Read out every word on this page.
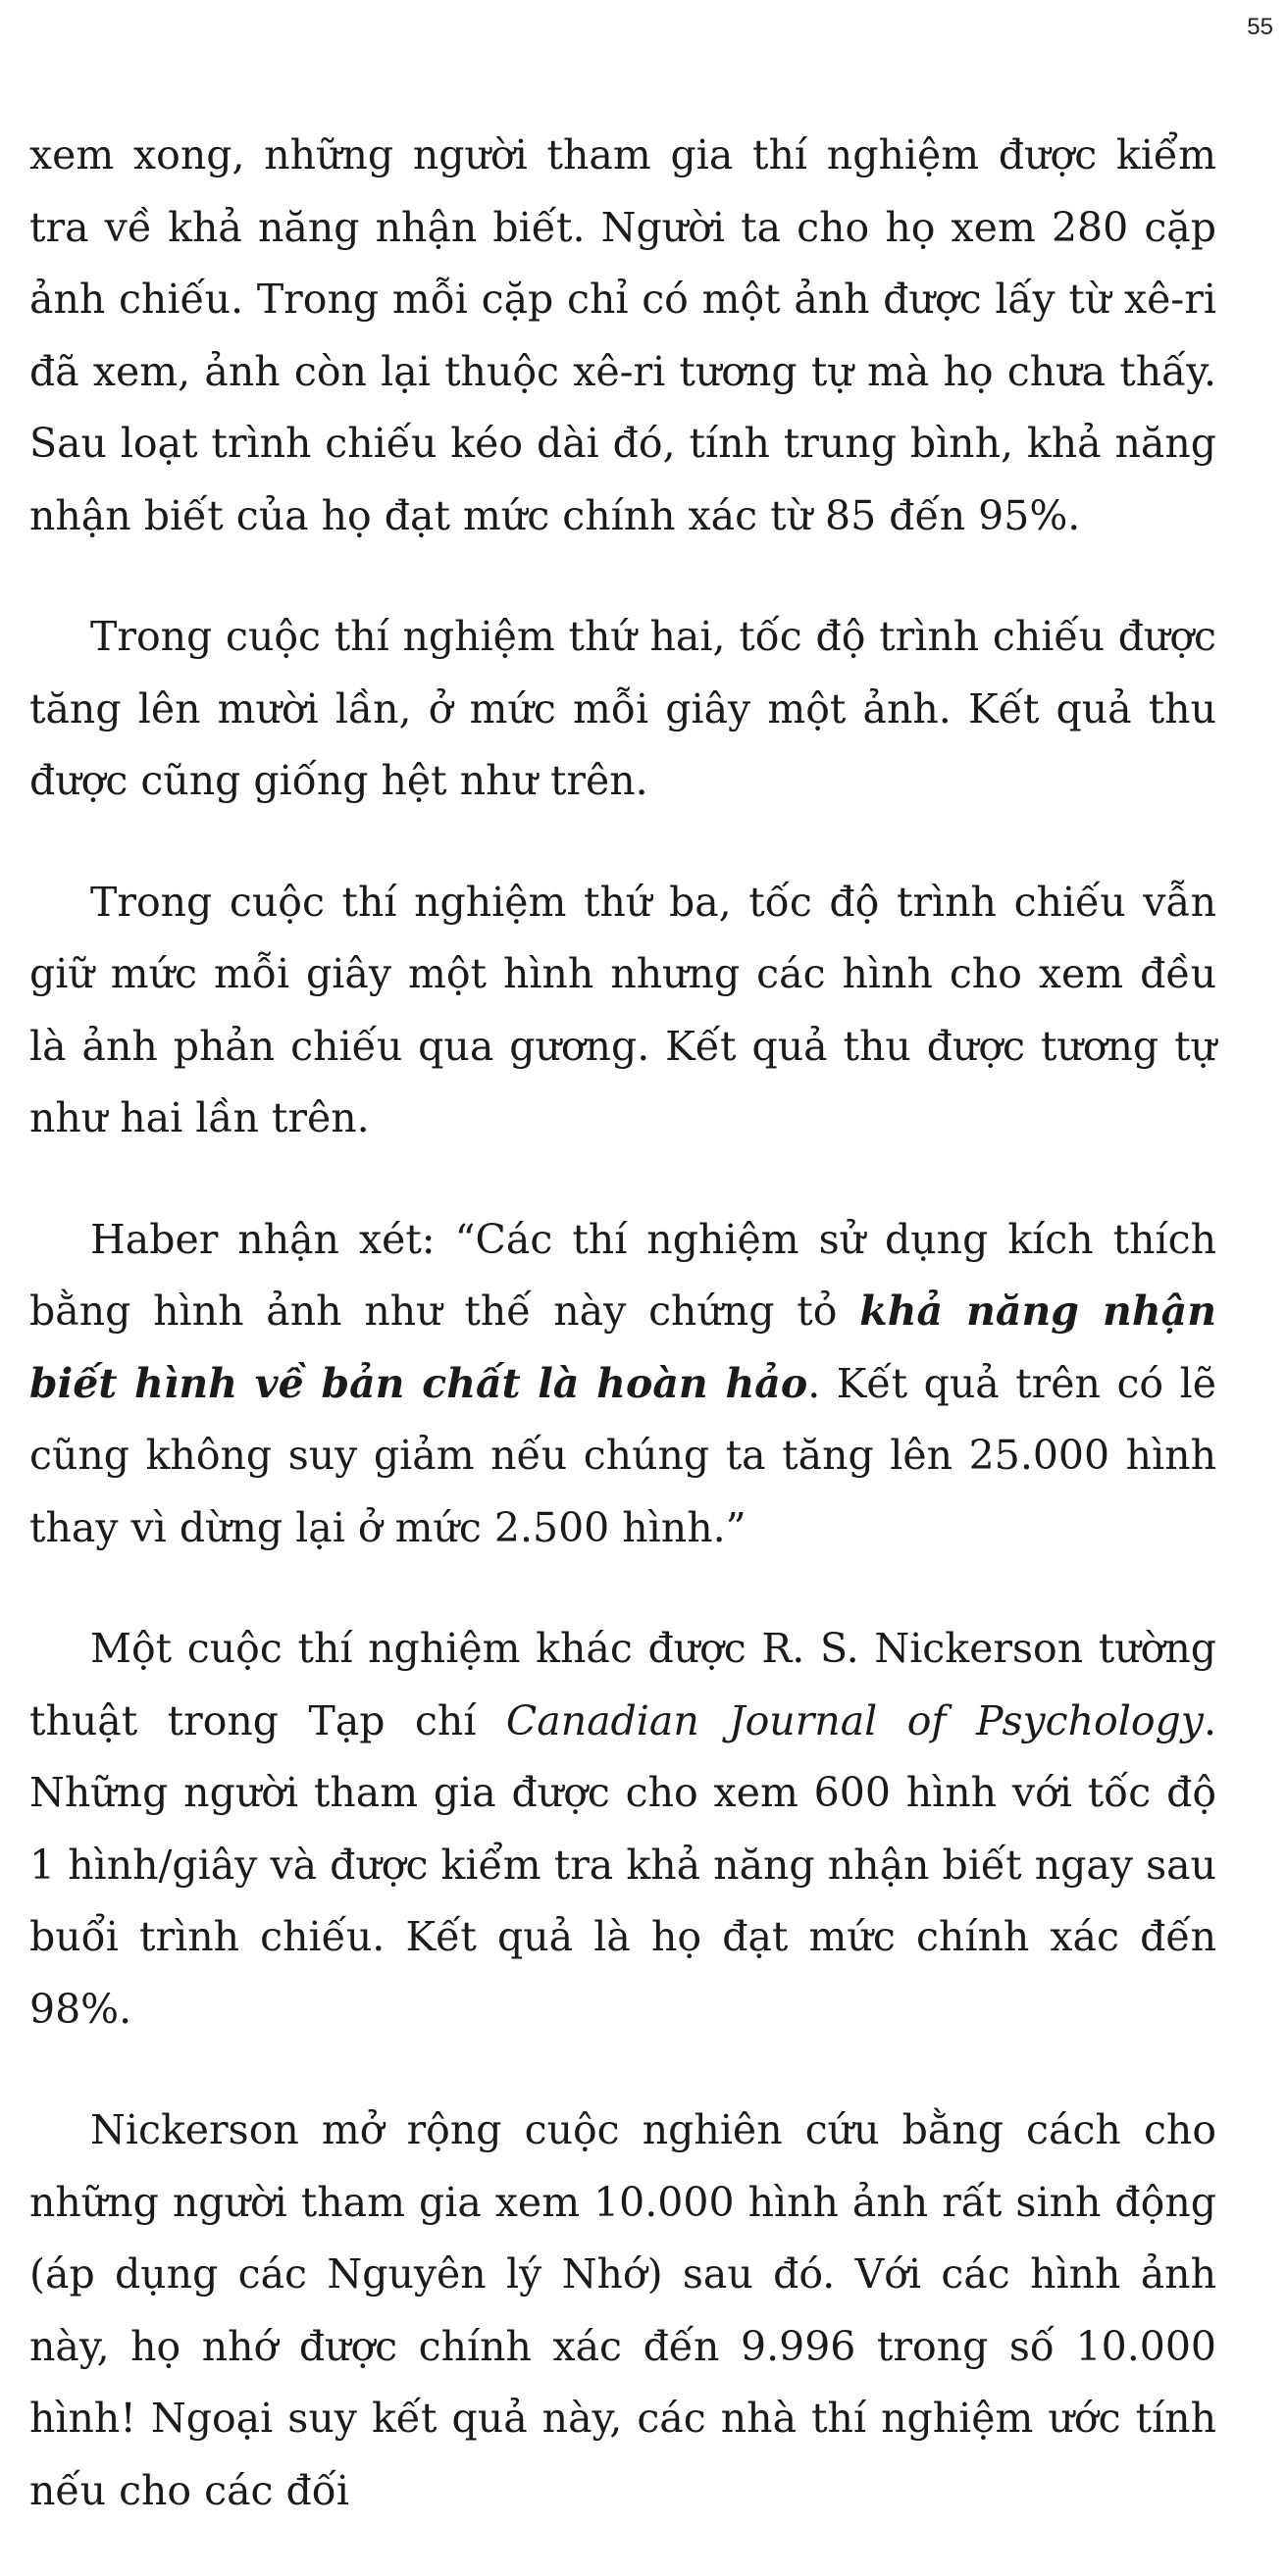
55

xem xong, những người tham gia thí nghiệm được kiểm tra về khả năng nhận biết. Người ta cho họ xem 280 cặp ảnh chiếu. Trong mỗi cặp chỉ có một ảnh được lấy từ xê-ri đã xem, ảnh còn lại thuộc xê-ri tương tự mà họ chưa thấy. Sau loạt trình chiếu kéo dài đó, tính trung bình, khả năng nhận biết của họ đạt mức chính xác từ 85 đến 95%.

Trong cuộc thí nghiệm thứ hai, tốc độ trình chiếu được tăng lên mười lần, ở mức mỗi giây một ảnh. Kết quả thu được cũng giống hệt như trên.

Trong cuộc thí nghiệm thứ ba, tốc độ trình chiếu vẫn giữ mức mỗi giây một hình nhưng các hình cho xem đều là ảnh phản chiếu qua gương. Kết quả thu được tương tự như hai lần trên.

Haber nhận xét: “Các thí nghiệm sử dụng kích thích bằng hình ảnh như thế này chứng tỏ khả năng nhận biết hình về bản chất là hoàn hảo. Kết quả trên có lẽ cũng không suy giảm nếu chúng ta tăng lên 25.000 hình thay vì dừng lại ở mức 2.500 hình.”

Một cuộc thí nghiệm khác được R. S. Nickerson tường thuật trong Tạp chí Canadian Journal of Psychology. Những người tham gia được cho xem 600 hình với tốc độ 1 hình/giây và được kiểm tra khả năng nhận biết ngay sau buổi trình chiếu. Kết quả là họ đạt mức chính xác đến 98%.

Nickerson mở rộng cuộc nghiên cứu bằng cách cho những người tham gia xem 10.000 hình ảnh rất sinh động (áp dụng các Nguyên lý Nhớ) sau đó. Với các hình ảnh này, họ nhớ được chính xác đến 9.996 trong số 10.000 hình! Ngoại suy kết quả này, các nhà thí nghiệm ước tính nếu cho các đối
